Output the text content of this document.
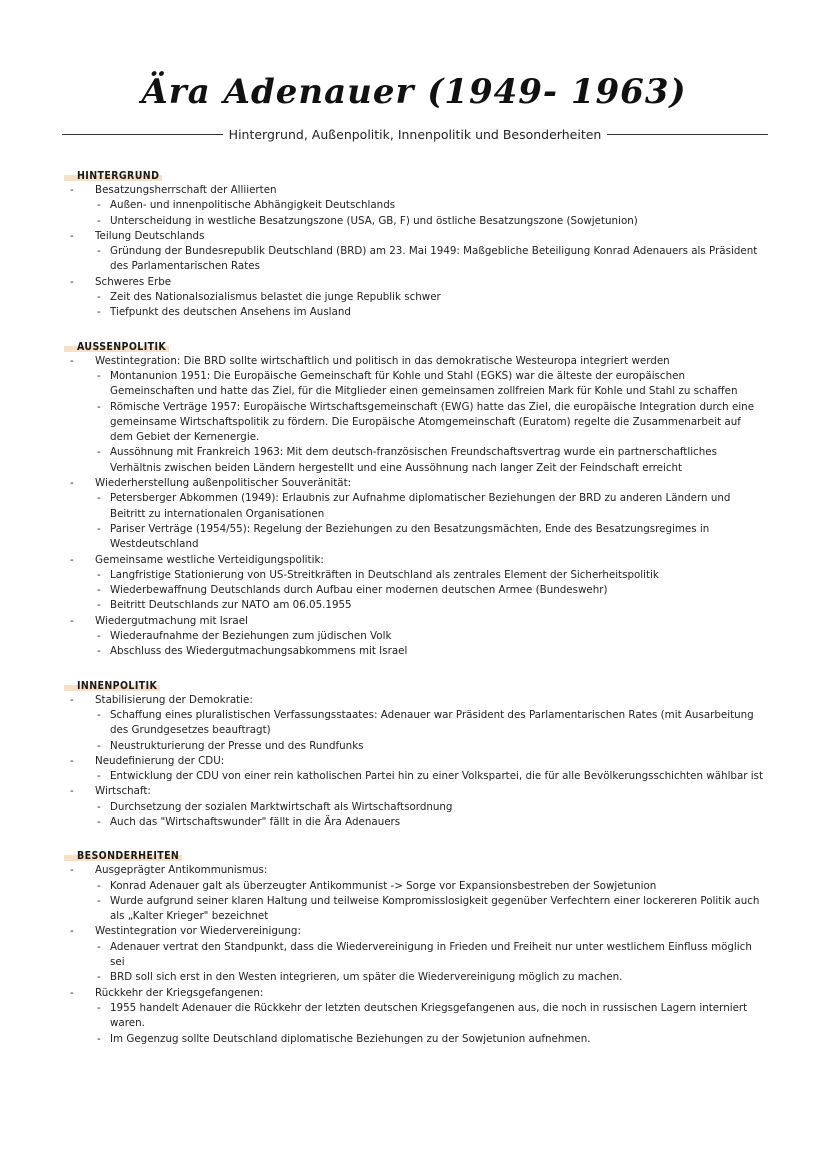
Ära Adenauer (1949- 1963)
Hintergrund, Außenpolitik, Innenpolitik und Besonderheiten
HINTERGRUND
- Besatzungsherrschaft der Alliierten
- Außen- und innenpolitische Abhängigkeit Deutschlands
- Unterscheidung in westliche Besatzungszone (USA, GB, F) und östliche Besatzungszone (Sowjetunion)
- Teilung Deutschlands
- Gründung der Bundesrepublik Deutschland (BRD) am 23. Mai 1949: Maßgebliche Beteiligung Konrad Adenauers als Präsident des Parlamentarischen Rates
- Schweres Erbe
- Zeit des Nationalsozialismus belastet die junge Republik schwer
- Tiefpunkt des deutschen Ansehens im Ausland
AUSSENPOLITIK
- Westintegration: Die BRD sollte wirtschaftlich und politisch in das demokratische Westeuropa integriert werden
- Montanunion 1951: Die Europäische Gemeinschaft für Kohle und Stahl (EGKS) war die älteste der europäischen Gemeinschaften und hatte das Ziel, für die Mitglieder einen gemeinsamen zollfreien Mark für Kohle und Stahl zu schaffen
- Römische Verträge 1957: Europäische Wirtschaftsgemeinschaft (EWG) hatte das Ziel, die europäische Integration durch eine gemeinsame Wirtschaftspolitik zu fördern. Die Europäische Atomgemeinschaft (Euratom) regelte die Zusammenarbeit auf dem Gebiet der Kernenergie.
- Aussöhnung mit Frankreich 1963: Mit dem deutsch-französischen Freundschaftsvertrag wurde ein partnerschaftliches Verhältnis zwischen beiden Ländern hergestellt und eine Aussöhnung nach langer Zeit der Feindschaft erreicht
- Wiederherstellung außenpolitischer Souveränität:
- Petersberger Abkommen (1949): Erlaubnis zur Aufnahme diplomatischer Beziehungen der BRD zu anderen Ländern und Beitritt zu internationalen Organisationen
- Pariser Verträge (1954/55): Regelung der Beziehungen zu den Besatzungsmächten, Ende des Besatzungsregimes in Westdeutschland
- Gemeinsame westliche Verteidigungspolitik:
- Langfristige Stationierung von US-Streitkräften in Deutschland als zentrales Element der Sicherheitspolitik
- Wiederbewaffnung Deutschlands durch Aufbau einer modernen deutschen Armee (Bundeswehr)
- Beitritt Deutschlands zur NATO am 06.05.1955
- Wiedergutmachung mit Israel
- Wiederaufnahme der Beziehungen zum jüdischen Volk
- Abschluss des Wiedergutmachungsabkommens mit Israel
INNENPOLITIK
- Stabilisierung der Demokratie:
- Schaffung eines pluralistischen Verfassungsstaates: Adenauer war Präsident des Parlamentarischen Rates (mit Ausarbeitung des Grundgesetzes beauftragt)
- Neustrukturierung der Presse und des Rundfunks
- Neudefinierung der CDU:
- Entwicklung der CDU von einer rein katholischen Partei hin zu einer Volkspartei, die für alle Bevölkerungsschichten wählbar ist
- Wirtschaft:
- Durchsetzung der sozialen Marktwirtschaft als Wirtschaftsordnung
- Auch das "Wirtschaftswunder" fällt in die Ära Adenauers
BESONDERHEITEN
- Ausgeprägter Antikommunismus:
- Konrad Adenauer galt als überzeugter Antikommunist -> Sorge vor Expansionsbestreben der Sowjetunion
- Wurde aufgrund seiner klaren Haltung und teilweise Kompromisslosigkeit gegenüber Verfechtern einer lockereren Politik auch als „Kalter Krieger" bezeichnet
- Westintegration vor Wiedervereinigung:
- Adenauer vertrat den Standpunkt, dass die Wiedervereinigung in Frieden und Freiheit nur unter westlichem Einfluss möglich sei
- BRD soll sich erst in den Westen integrieren, um später die Wiedervereinigung möglich zu machen.
- Rückkehr der Kriegsgefangenen:
- 1955 handelt Adenauer die Rückkehr der letzten deutschen Kriegsgefangenen aus, die noch in russischen Lagern interniert waren.
- Im Gegenzug sollte Deutschland diplomatische Beziehungen zu der Sowjetunion aufnehmen.
